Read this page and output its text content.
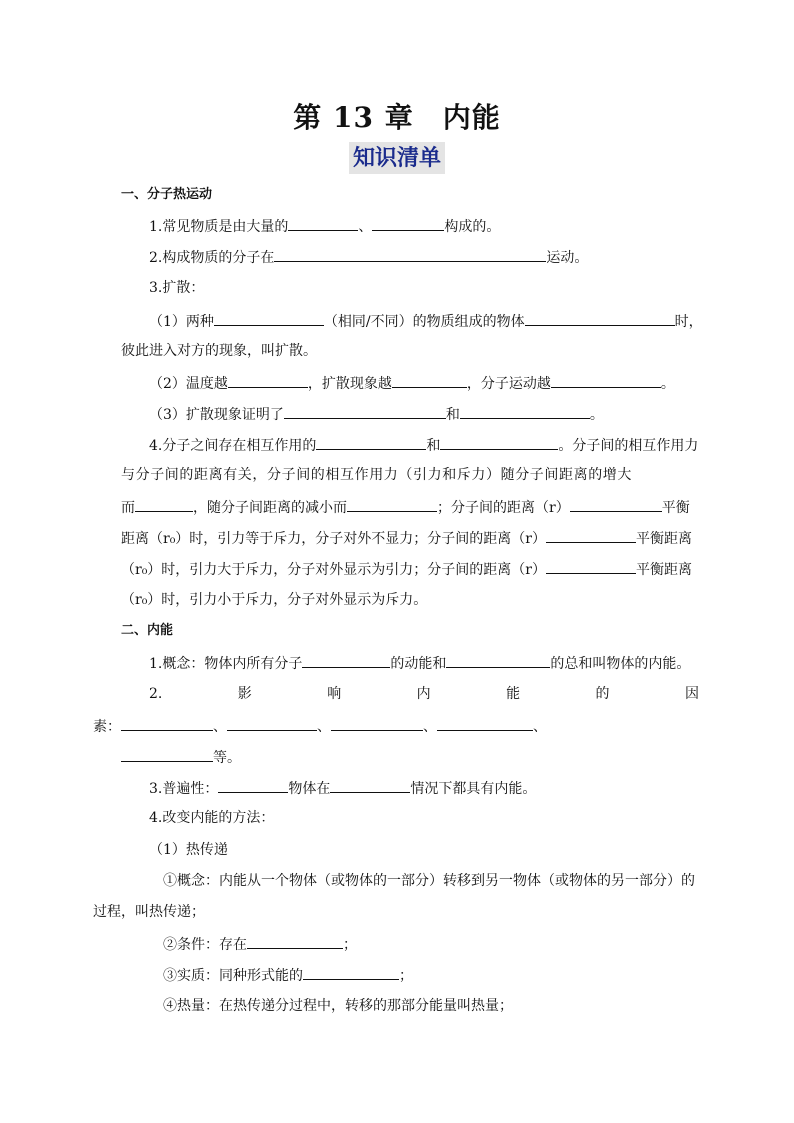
第 13 章　内能
知识清单
一、分子热运动
1.常见物质是由大量的	、	构成的。
2.构成物质的分子在	运动。
3.扩散：
（1）两种	（相同/不同）的物质组成的物体	时，
彼此进入对方的现象，叫扩散。
（2）温度越	，扩散现象越	，分子运动越	。
（3）扩散现象证明了	和	。
4.分子之间存在相互作用的	和	。分子间的相互作用力
与分子间的距离有关，分子间的相互作用力（引力和斥力）随分子间距离的增大
而	，随分子间距离的减小而	；分子间的距离（r）	平衡
距离（r₀）时，引力等于斥力，分子对外不显力；分子间的距离（r）	平衡距离
（r₀）时，引力大于斥力，分子对外显示为引力；分子间的距离（r）	平衡距离
（r₀）时，引力小于斥力，分子对外显示为斥力。
二、内能
1.概念：物体内所有分子	的动能和	的总和叫物体的内能。
2.	影	响	内	能	的	因
素：	、	、	、	、
等。
3.普遍性：	物体在	情况下都具有内能。
4.改变内能的方法：
（1）热传递
①概念：内能从一个物体（或物体的一部分）转移到另一物体（或物体的另一部分）的
过程，叫热传递；
②条件：存在	；
③实质：同种形式能的	；
④热量：在热传递分过程中，转移的那部分能量叫热量；
